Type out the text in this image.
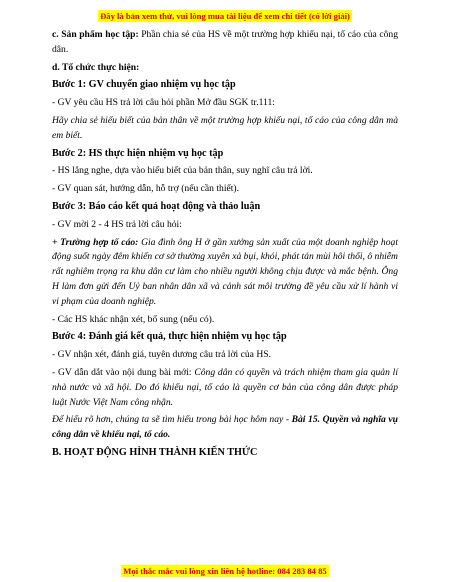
Đây là bản xem thử, vui lòng mua tài liệu để xem chi tiết (có lời giải)

c. Sản phẩm học tập: Phần chia sẻ của HS về một trường hợp khiếu nại, tố cáo của công dân.

d. Tổ chức thực hiện:

Bước 1: GV chuyển giao nhiệm vụ học tập

- GV yêu cầu HS trả lời câu hỏi phần Mở đầu SGK tr.111:

Hãy chia sẻ hiểu biết của bản thân về một trường hợp khiếu nại, tố cáo của công dân mà em biết.

Bước 2: HS thực hiện nhiệm vụ học tập

- HS lắng nghe, dựa vào hiểu biết của bản thân, suy nghĩ câu trả lời.

- GV quan sát, hướng dẫn, hỗ trợ (nếu cần thiết).

Bước 3: Báo cáo kết quả hoạt động và thảo luận

- GV mời 2 - 4 HS trả lời câu hỏi:

+ Trường hợp tố cáo: Gia đình ông H ở gần xưởng sản xuất của một doanh nghiệp hoạt động suốt ngày đêm khiến cơ sở thường xuyên xả bụi, khói, phát tán mùi hôi thối, ô nhiễm rất nghiêm trọng ra khu dân cư làm cho nhiều người không chịu được và mắc bệnh. Ông H làm đơn gửi đến Uỷ ban nhân dân xã và cảnh sát môi trường đề yêu cầu xử lí hành vi vi phạm của doanh nghiệp.

- Các HS khác nhận xét, bổ sung (nếu có).

Bước 4: Đánh giá kết quả, thực hiện nhiệm vụ học tập

- GV nhận xét, đánh giá, tuyên dương câu trả lời của HS.

- GV dẫn dắt vào nội dung bài mới: Công dân có quyền và trách nhiệm tham gia quản lí nhà nước và xã hội. Do đó khiếu nại, tố cáo là quyền cơ bản của công dân được pháp luật Nước Việt Nam công nhận.

Để hiểu rõ hơn, chúng ta sẽ tìm hiểu trong bài học hôm nay - Bài 15. Quyền và nghĩa vụ công dân về khiếu nại, tố cáo.

B. HOẠT ĐỘNG HÌNH THÀNH KIẾN THỨC

Mọi thắc mắc vui lòng xin liên hệ hotline: 084 283 84 85
